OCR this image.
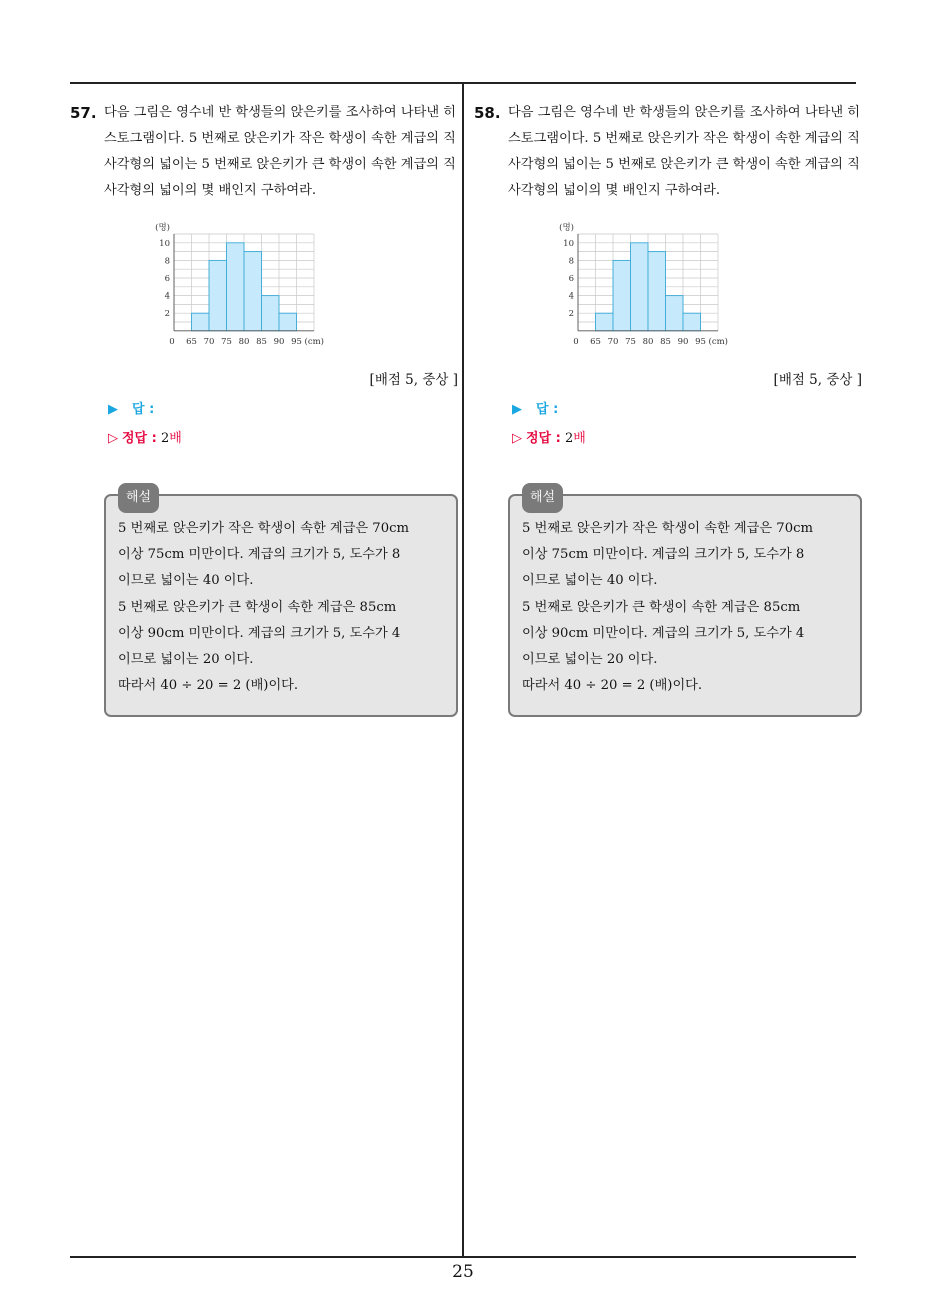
57. 다음 그림은 영수네 반 학생들의 앉은키를 조사하여 나타낸 히스토그램이다. 5 번째로 앉은키가 작은 학생이 속한 계급의 직사각형의 넓이는 5 번째로 앉은키가 큰 학생이 속한 계급의 직사각형의 넓이의 몇 배인지 구하여라.
2
4
6
8
10
(명)
0 65 70 75 80 85 90 95 (cm)
[배점 5, 중상 ]
▶ 답 :
▷ 정답 : 2배
해설
5 번째로 앉은키가 작은 학생이 속한 계급은 70cm
이상 75cm 미만이다. 계급의 크기가 5, 도수가 8
이므로 넓이는 40 이다.
5 번째로 앉은키가 큰 학생이 속한 계급은 85cm
이상 90cm 미만이다. 계급의 크기가 5, 도수가 4
이므로 넓이는 20 이다.
따라서 40 ÷ 20 = 2 (배)이다.
58. 다음 그림은 영수네 반 학생들의 앉은키를 조사하여 나타낸 히스토그램이다. 5 번째로 앉은키가 작은 학생이 속한 계급의 직사각형의 넓이는 5 번째로 앉은키가 큰 학생이 속한 계급의 직사각형의 넓이의 몇 배인지 구하여라.
2
4
6
8
10
(명)
0 65 70 75 80 85 90 95 (cm)
[배점 5, 중상 ]
▶ 답 :
▷ 정답 : 2배
해설
5 번째로 앉은키가 작은 학생이 속한 계급은 70cm
이상 75cm 미만이다. 계급의 크기가 5, 도수가 8
이므로 넓이는 40 이다.
5 번째로 앉은키가 큰 학생이 속한 계급은 85cm
이상 90cm 미만이다. 계급의 크기가 5, 도수가 4
이므로 넓이는 20 이다.
따라서 40 ÷ 20 = 2 (배)이다.
25
